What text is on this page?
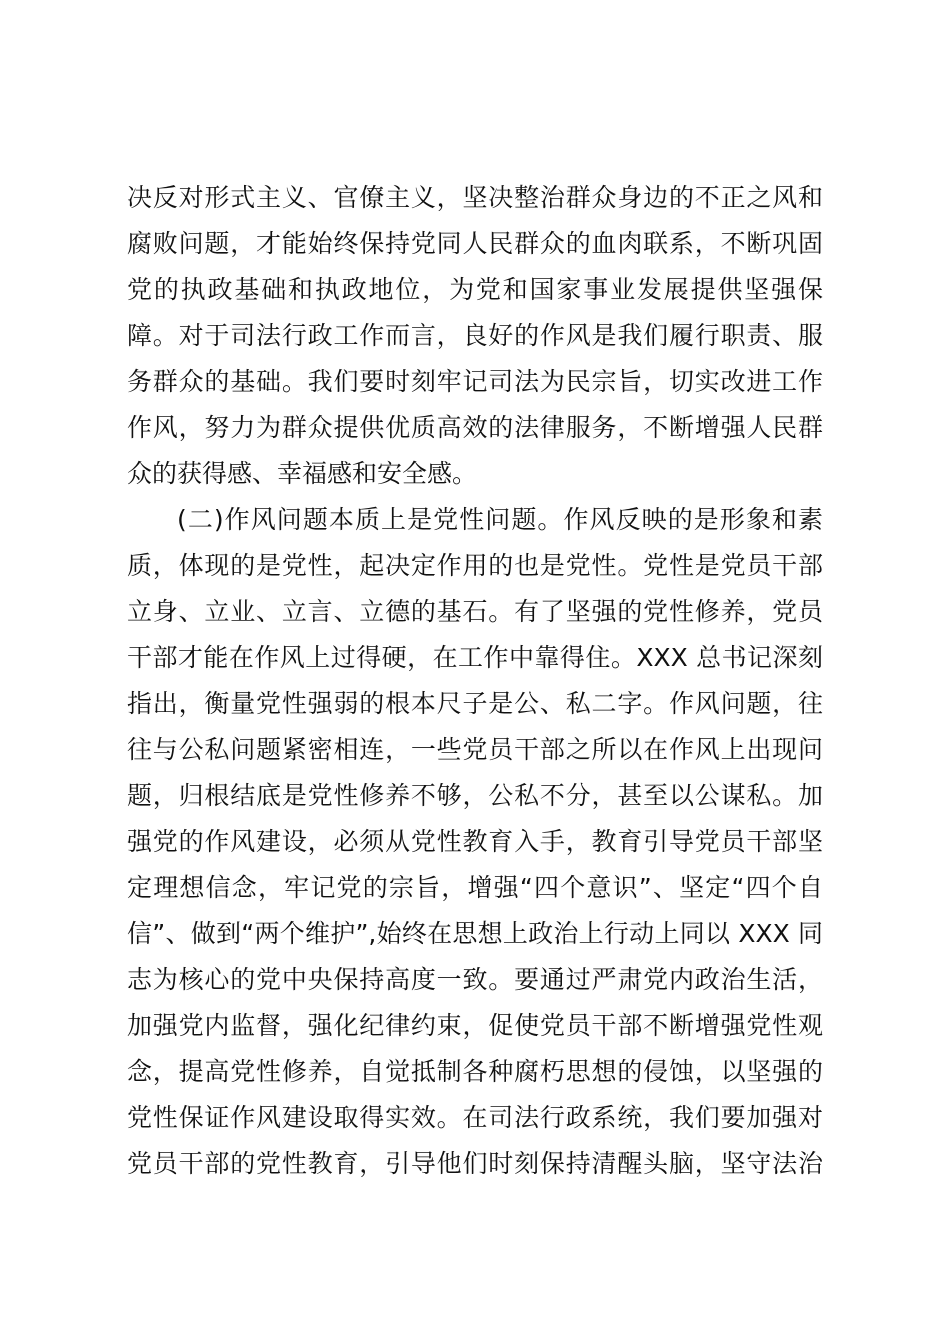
决反对形式主义、官僚主义，坚决整治群众身边的不正之风和
腐败问题，才能始终保持党同人民群众的血肉联系，不断巩固
党的执政基础和执政地位，为党和国家事业发展提供坚强保
障。对于司法行政工作而言，良好的作风是我们履行职责、服
务群众的基础。我们要时刻牢记司法为民宗旨，切实改进工作
作风，努力为群众提供优质高效的法律服务，不断增强人民群
众的获得感、幸福感和安全感。
(二)作风问题本质上是党性问题。作风反映的是形象和素
质，体现的是党性，起决定作用的也是党性。党性是党员干部
立身、立业、立言、立德的基石。有了坚强的党性修养，党员
干部才能在作风上过得硬，在工作中靠得住。XXX 总书记深刻
指出，衡量党性强弱的根本尺子是公、私二字。作风问题，往
往与公私问题紧密相连，一些党员干部之所以在作风上出现问
题，归根结底是党性修养不够，公私不分，甚至以公谋私。加
强党的作风建设，必须从党性教育入手，教育引导党员干部坚
定理想信念，牢记党的宗旨，增强“四个意识”、坚定“四个自
信”、做到“两个维护”,始终在思想上政治上行动上同以 XXX 同
志为核心的党中央保持高度一致。要通过严肃党内政治生活，
加强党内监督，强化纪律约束，促使党员干部不断增强党性观
念，提高党性修养，自觉抵制各种腐朽思想的侵蚀，以坚强的
党性保证作风建设取得实效。在司法行政系统，我们要加强对
党员干部的党性教育，引导他们时刻保持清醒头脑，坚守法治
